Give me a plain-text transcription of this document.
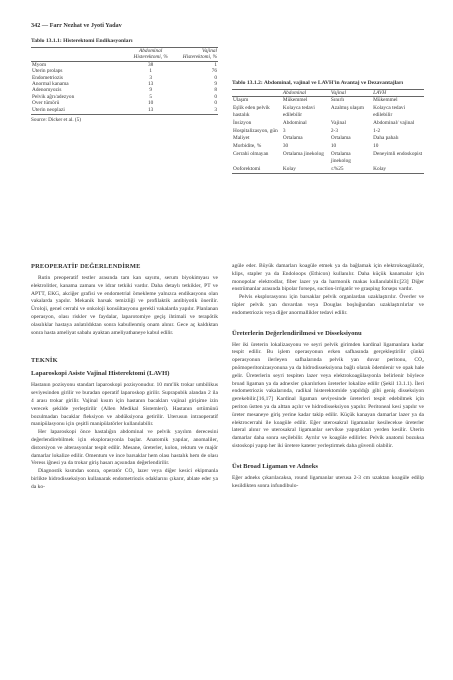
342 — Farr Nezhat ve Jyoti Yadav
Tablo 13.1.1: Histerektomi Endikasyonları
	Abdominal Histerektomi, %	Vajinal Histerektomi, %
Myom	38	1
Uterin prolaps	1	76
Endometriozis	3	0
Anormal kanama	13	9
Adenomyozis	9	8
Pelvik ağrı/adezyon	5	0
Over tümörü	10	0
Uterin neoplazi	13	3
Source: Dicker et al. (5)
PREOPERATİF DEĞERLENDİRME

Rutin preoperatif testler arasında tam kan sayımı, serum biyokimyası ve elektrolitler, kanama zamanı ve idrar tetkiki vardır. Daha detaylı tetkikler, PT ve APTT, EKG, akciğer grafisi ve endometrial örnekleme yalnızca endikasyonu olan vakalarda yapılır. Mekanik barsak temizliği ve profilaktik antibiyotik önerilir. Üroloji, genel cerrahi ve onkoloji konsültasyonu gerekli vakalarda yapılır. Planlanan operasyon, olası riskler ve faydalar, laparotomiye geçiş ihtimali ve terapötik olasılıklar hastaya anlatıldıktan sonra kabullenmiş onam alınır. Gece aç kaldıktan sonra hasta ameliyat sabahı ayaktan ameliyathaneye kabul edilir.

TEKNİK
Laparoskopi Asiste Vajinal Histerektomi (LAVH)

Hastanın pozisyonu standart laparoskopi pozisyonudur. 10 mm'lik trokar umbilikus seviyesinden girilir ve buradan operatif laparoskop girilir. Suprapubik alandan 2 ila 4 arası trokar girilir. Vajinal kısım için hastanın bacakları vajinal girişime izin verecek şekilde yerleştirilir (Allen Medikal Sistemleri). Hastanın ortümünü bozulmadan bacaklar fleksiyon ve abdüksiyona getirilir. Uterusun intraoperatif manipülasyonu için çeşitli manipülatörler kullanılabilir.

Her laparoskopi önce hastalığın abdominal ve pelvik yayılım derecesini değerlendirebilmek için eksplorasyonla başlar. Anatomik yapılar, anomaliler, distorsiyon ve alterasyonlar tespit edilir. Mesane, üreterler, kolon, rektum ve majör damarlar lokalize edilir. Omentum ve ince barsaklar hem olası hastalık hem de olası Veress iğnesi ya da trokar giriş hasarı açısından değerlendirilir.

Diagnostik kısmdan sonra, operatör CO₂ lazer veya diğer kesici ekipmanla birlikte hidrodisseksiyon kullanarak endometriozis odaklarını çıkarır, ablate eder ya da ko-

Tablo 13.1.2: Abdominal, vajinal ve LAVH'in Avantaj ve Dezavantajları
	Abdominal	Vajinal	LAVH
Ulaşım	Mükemmel	Sınırlı	Mükemmel
Eşlik eden pelvik hastalık	Kolayca tedavi edilebilir	Azalmış ulaşım	Kolayca tedavi edilebilir
İnsizyon	Abdominal	Vajinal	Abdominal/ vajinal
Hospitalizasyon, gün	3	2-3	1-2
Maliyet	Ortalama	Ortalama	Daha pahalı
Morbidite, %	30	10	10
Cerrahi olmayan	Ortalama jinekolog	Ortalama jinekolog	Deneyimli endoskopist
Ooforektomi	Kolay	≤%25	Kolay

agüle eder. Büyük damarları koagüle etmek ya da bağlamak için elektrokoagülatör, klips, stapler ya da Endoloops (Ethicon) kullanılır. Daha küçük kanamalar için monopolar elektrodlar, fiber lazer ya da harmonik makas kullanılabilir.[23] Diğer enstrümanlar arasında bipolar forseps, suction-irrigatör ve grasping forseps vardır.

Pelvis eksplorasyonu için barsaklar pelvik organlardan uzaklaştırılır. Överler ve tüpler pelvik yan duvardan veya Douglas boşluğundan uzaklaştırılırlar ve endometriozis veya diğer anormallikler tedavi edilir.

Üreterlerin Değerlendirilmesi ve Disseksiyonu

Her iki üreterin lokalizasyonu ve seyri pelvik girimden kardinal ligamanlara kadar tespit edilir. Bu işlem operasyonun erken safhasında gerçekleştirilir çünkü operasyonun ilerleyen safhalarında pelvik yan duvar peritonu, CO₂ pnömoperitonizasyonuna ya da hidrodisseksiyona bağlı olarak ödemlenir ve opak hale gelir. Üreterlerin seyri tespiten lazer veya elektrokoagülasyonla belirlenir böylece broad ligaman ya da adnexler çıkarılırken üreterler lokalize edilir (Şekil 13.1.1). İleri endometriozis vakalarında, radikal histerektomide yapıldığı gibi geniş disseksiyon gerekebilir.[16,17] Kardinal ligaman seviyesinde üreterleri tespit edebilmek için periton üstten ya da alttan açılır ve hidrodisseksiyon yapılır. Peritoneal kesi yapılır ve üreter mesaneye giriş yerine kadar takip edilir. Küçük kanayan damarlar lazer ya da elektrocerrahi ile koagüle edilir. Eğer uterosakral ligamanlar kesilecekse üreterler lateral alınır ve uterosakral ligamanlar servikse yapıştıkları yerden kesilir. Uterin damarlar daha sonra seçilebilir. Ayrılır ve koagüle edilirler. Pelvik anatomi bozuksa sistoskopi yapıp her iki üretere kateter yerleştirmek daha güvenli olabilir.

Üst Broad Ligaman ve Adneks

Eğer adneks çıkarılacaksa, round ligamanlar uterusa 2-3 cm uzaktan koagüle edilip kesildikten sonra infundibulo-
